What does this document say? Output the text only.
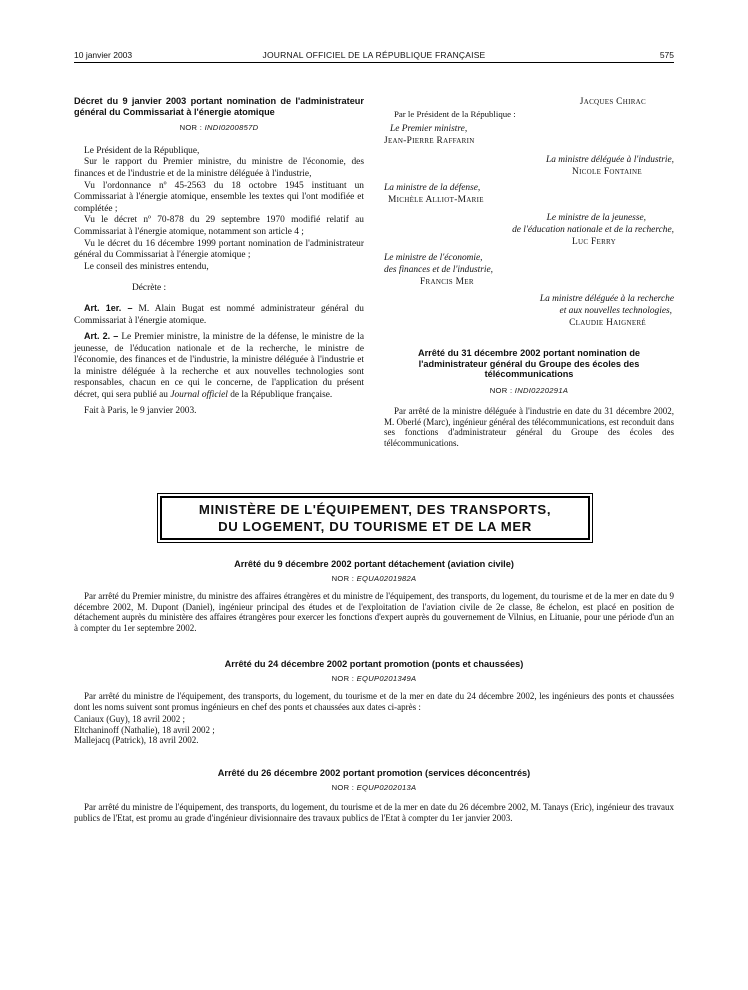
10 janvier 2003	JOURNAL OFFICIEL DE LA RÉPUBLIQUE FRANÇAISE	575

Décret du 9 janvier 2003 portant nomination de l'administrateur général du Commissariat à l'énergie atomique

NOR : INDI0200857D

Le Président de la République,

Sur le rapport du Premier ministre, du ministre de l'économie, des finances et de l'industrie et de la ministre déléguée à l'industrie,

Vu l'ordonnance nº 45-2563 du 18 octobre 1945 instituant un Commissariat à l'énergie atomique, ensemble les textes qui l'ont modifiée et complétée ;

Vu le décret nº 70-878 du 29 septembre 1970 modifié relatif au Commissariat à l'énergie atomique, notamment son article 4 ;

Vu le décret du 16 décembre 1999 portant nomination de l'administrateur général du Commissariat à l'énergie atomique ;

Le conseil des ministres entendu,

Décrète :

Art. 1er. – M. Alain Bugat est nommé administrateur général du Commissariat à l'énergie atomique.

Art. 2. – Le Premier ministre, la ministre de la défense, le ministre de la jeunesse, de l'éducation nationale et de la recherche, le ministre de l'économie, des finances et de l'industrie, la ministre déléguée à l'industrie et la ministre déléguée à la recherche et aux nouvelles technologies sont responsables, chacun en ce qui le concerne, de l'application du présent décret, qui sera publié au Journal officiel de la République française.

Fait à Paris, le 9 janvier 2003.

Jacques Chirac

Par le Président de la République :

Le Premier ministre,

Jean-Pierre Raffarin

La ministre déléguée à l'industrie,

Nicole Fontaine

La ministre de la défense,

Michèle Alliot-Marie

Le ministre de la jeunesse,

de l'éducation nationale et de la recherche,

Luc Ferry

Le ministre de l'économie,

des finances et de l'industrie,

Francis Mer

La ministre déléguée à la recherche

et aux nouvelles technologies,

Claudie Haigneré

Arrêté du 31 décembre 2002 portant nomination de l'administrateur général du Groupe des écoles des télécommunications

NOR : INDI0220291A

Par arrêté de la ministre déléguée à l'industrie en date du 31 décembre 2002, M. Oberlé (Marc), ingénieur général des télécommunications, est reconduit dans ses fonctions d'administrateur général du Groupe des écoles des télécommunications.

MINISTÈRE DE L'ÉQUIPEMENT, DES TRANSPORTS,
DU LOGEMENT, DU TOURISME ET DE LA MER
Arrêté du 9 décembre 2002 portant détachement (aviation civile)
NOR : EQUA0201982A

Par arrêté du Premier ministre, du ministre des affaires étrangères et du ministre de l'équipement, des transports, du logement, du tourisme et de la mer en date du 9 décembre 2002, M. Dupont (Daniel), ingénieur principal des études et de l'exploitation de l'aviation civile de 2e classe, 8e échelon, est placé en position de détachement auprès du ministère des affaires étrangères pour exercer les fonctions d'expert auprès du gouvernement de Vilnius, en Lituanie, pour une période d'un an à compter du 1er septembre 2002.

Arrêté du 24 décembre 2002 portant promotion (ponts et chaussées)
NOR : EQUP0201349A

Par arrêté du ministre de l'équipement, des transports, du logement, du tourisme et de la mer en date du 24 décembre 2002, les ingénieurs des ponts et chaussées dont les noms suivent sont promus ingénieurs en chef des ponts et chaussées aux dates ci-après :

Caniaux (Guy), 18 avril 2002 ;

Eltchaninoff (Nathalie), 18 avril 2002 ;

Mallejacq (Patrick), 18 avril 2002.

Arrêté du 26 décembre 2002 portant promotion (services déconcentrés)
NOR : EQUP0202013A

Par arrêté du ministre de l'équipement, des transports, du logement, du tourisme et de la mer en date du 26 décembre 2002, M. Tanays (Eric), ingénieur des travaux publics de l'Etat, est promu au grade d'ingénieur divisionnaire des travaux publics de l'Etat à compter du 1er janvier 2003.
